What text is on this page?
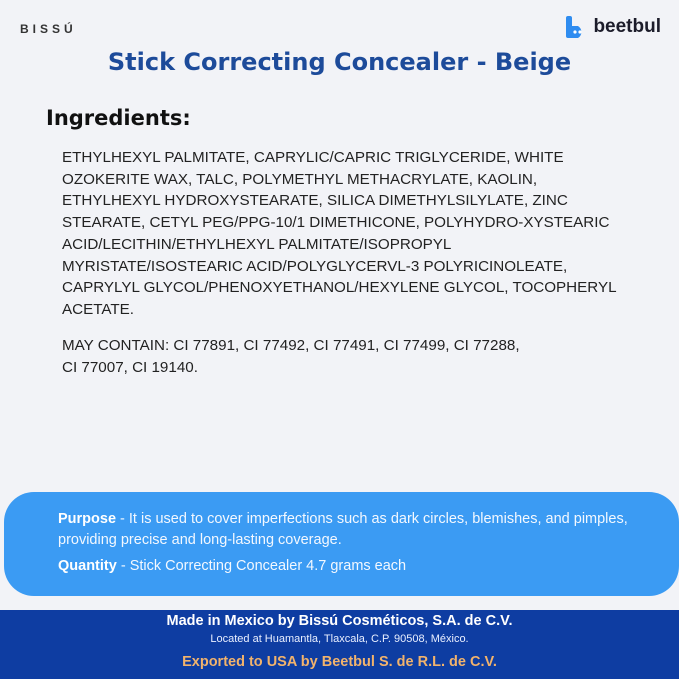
BISSÚ	beetbul
Stick Correcting Concealer - Beige
Ingredients:
ETHYLHEXYL PALMITATE, CAPRYLIC/CAPRIC TRIGLYCERIDE, WHITE
OZOKERITE WAX, TALC, POLYMETHYL METHACRYLATE, KAOLIN,
ETHYLHEXYL HYDROXYSTEARATE, SILICA DIMETHYLSILYLATE, ZINC
STEARATE, CETYL PEG/PPG-10/1 DIMETHICONE, POLYHYDRO-XYSTEARIC
ACID/LECITHIN/ETHYLHEXYL PALMITATE/ISOPROPYL
MYRISTATE/ISOSTEARIC ACID/POLYGLYCERVL-3 POLYRICINOLEATE,
CAPRYLYL GLYCOL/PHENOXYETHANOL/HEXYLENE GLYCOL, TOCOPHERYL
ACETATE.
MAY CONTAIN: CI 77891, CI 77492, CI 77491, CI 77499, CI 77288,
CI 77007, CI 19140.
Purpose - It is used to cover imperfections such as dark circles, blemishes, and pimples, providing precise and long-lasting coverage.
Quantity - Stick Correcting Concealer 4.7 grams each
Made in Mexico by Bissú Cosméticos, S.A. de C.V.
Located at Huamantla, Tlaxcala, C.P. 90508, México.
Exported to USA by Beetbul S. de R.L. de C.V.
